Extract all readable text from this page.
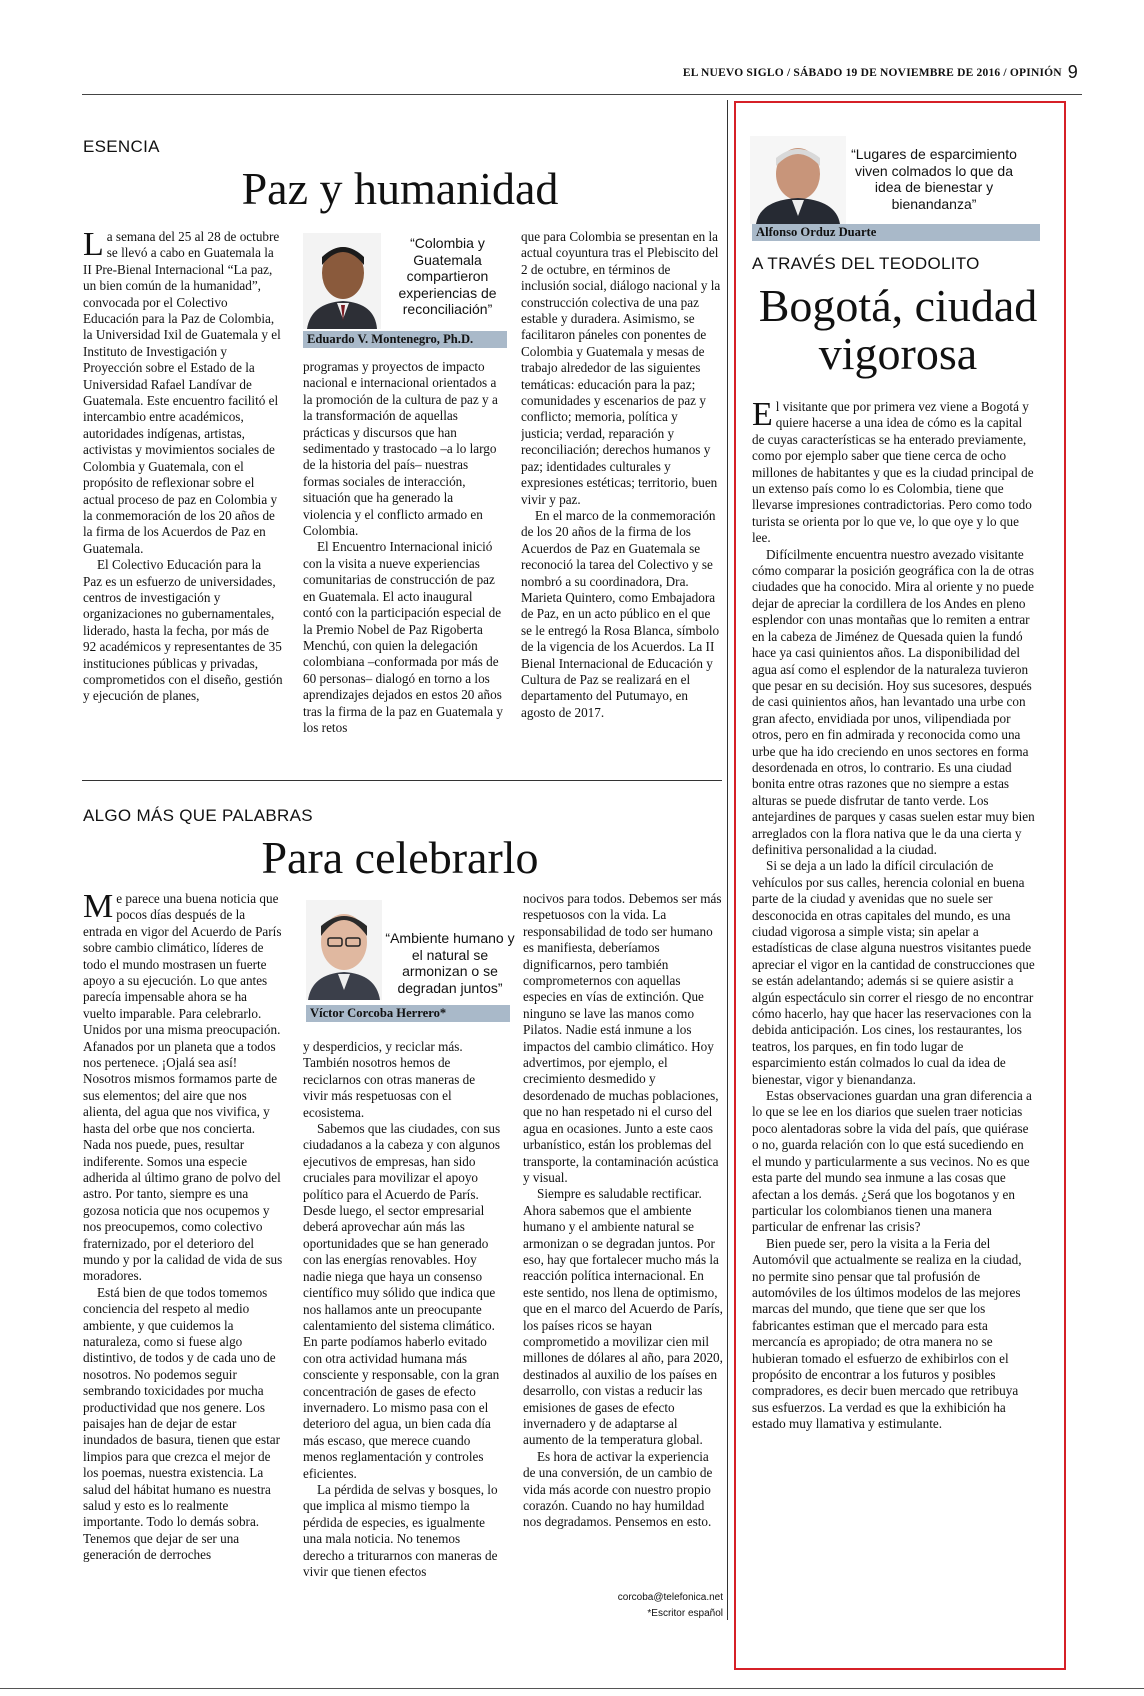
EL NUEVO SIGLO / SÁBADO 19 DE NOVIEMBRE DE 2016 / OPINIÓN 9
ESENCIA
Paz y humanidad

La semana del 25 al 28 de octubre se llevó a cabo en Guatemala la II Pre-Bienal Internacional “La paz, un bien común de la humanidad”, convocada por el Colectivo Educación para la Paz de Colombia, la Universidad Ixil de Guatemala y el Instituto de Investigación y Proyección sobre el Estado de la Universidad Rafael Landívar de Guatemala. Este encuentro facilitó el intercambio entre académicos, autoridades indígenas, artistas, activistas y movimientos sociales de Colombia y Guatemala, con el propósito de reflexionar sobre el actual proceso de paz en Colombia y la conmemoración de los 20 años de la firma de los Acuerdos de Paz en Guatemala.

El Colectivo Educación para la Paz es un esfuerzo de universidades, centros de investigación y organizaciones no gubernamentales, liderado, hasta la fecha, por más de 92 académicos y representantes de 35 instituciones públicas y privadas, comprometidos con el diseño, gestión y ejecución de planes,

“Colombia y Guatemala compartieron experiencias de reconciliación”
Eduardo V. Montenegro, Ph.D.

programas y proyectos de impacto nacional e internacional orientados a la promoción de la cultura de paz y a la transformación de aquellas prácticas y discursos que han sedimentado y trastocado –a lo largo de la historia del país– nuestras formas sociales de interacción, situación que ha generado la violencia y el conflicto armado en Colombia.

El Encuentro Internacional inició con la visita a nueve experiencias comunitarias de construcción de paz en Guatemala. El acto inaugural contó con la participación especial de la Premio Nobel de Paz Rigoberta Menchú, con quien la delegación colombiana –conformada por más de 60 personas– dialogó en torno a los aprendizajes dejados en estos 20 años tras la firma de la paz en Guatemala y los retos

que para Colombia se presentan en la actual coyuntura tras el Plebiscito del 2 de octubre, en términos de inclusión social, diálogo nacional y la construcción colectiva de una paz estable y duradera. Asimismo, se facilitaron páneles con ponentes de Colombia y Guatemala y mesas de trabajo alrededor de las siguientes temáticas: educación para la paz; comunidades y escenarios de paz y conflicto; memoria, política y justicia; verdad, reparación y reconciliación; derechos humanos y paz; identidades culturales y expresiones estéticas; territorio, buen vivir y paz.

En el marco de la conmemoración de los 20 años de la firma de los Acuerdos de Paz en Guatemala se reconoció la tarea del Colectivo y se nombró a su coordinadora, Dra. Marieta Quintero, como Embajadora de Paz, en un acto público en el que se le entregó la Rosa Blanca, símbolo de la vigencia de los Acuerdos. La II Bienal Internacional de Educación y Cultura de Paz se realizará en el departamento del Putumayo, en agosto de 2017.

ALGO MÁS QUE PALABRAS
Para celebrarlo

Me parece una buena noticia que pocos días después de la entrada en vigor del Acuerdo de París sobre cambio climático, líderes de todo el mundo mostrasen un fuerte apoyo a su ejecución. Lo que antes parecía impensable ahora se ha vuelto imparable. Para celebrarlo. Unidos por una misma preocupación. Afanados por un planeta que a todos nos pertenece. ¡Ojalá sea así! Nosotros mismos formamos parte de sus elementos; del aire que nos alienta, del agua que nos vivifica, y hasta del orbe que nos concierta. Nada nos puede, pues, resultar indiferente. Somos una especie adherida al último grano de polvo del astro. Por tanto, siempre es una gozosa noticia que nos ocupemos y nos preocupemos, como colectivo fraternizado, por el deterioro del mundo y por la calidad de vida de sus moradores.

Está bien de que todos tomemos conciencia del respeto al medio ambiente, y que cuidemos la naturaleza, como si fuese algo distintivo, de todos y de cada uno de nosotros. No podemos seguir sembrando toxicidades por mucha productividad que nos genere. Los paisajes han de dejar de estar inundados de basura, tienen que estar limpios para que crezca el mejor de los poemas, nuestra existencia. La salud del hábitat humano es nuestra salud y esto es lo realmente importante. Todo lo demás sobra. Tenemos que dejar de ser una generación de derroches

“Ambiente humano y el natural se armonizan o se degradan juntos”
Víctor Corcoba Herrero*

y desperdicios, y reciclar más. También nosotros hemos de reciclarnos con otras maneras de vivir más respetuosas con el ecosistema.

Sabemos que las ciudades, con sus ciudadanos a la cabeza y con algunos ejecutivos de empresas, han sido cruciales para movilizar el apoyo político para el Acuerdo de París. Desde luego, el sector empresarial deberá aprovechar aún más las oportunidades que se han generado con las energías renovables. Hoy nadie niega que haya un consenso científico muy sólido que indica que nos hallamos ante un preocupante calentamiento del sistema climático. En parte podíamos haberlo evitado con otra actividad humana más consciente y responsable, con la gran concentración de gases de efecto invernadero. Lo mismo pasa con el deterioro del agua, un bien cada día más escaso, que merece cuando menos reglamentación y controles eficientes.

La pérdida de selvas y bosques, lo que implica al mismo tiempo la pérdida de especies, es igualmente una mala noticia. No tenemos derecho a triturarnos con maneras de vivir que tienen efectos

nocivos para todos. Debemos ser más respetuosos con la vida. La responsabilidad de todo ser humano es manifiesta, deberíamos dignificarnos, pero también comprometernos con aquellas especies en vías de extinción. Que ninguno se lave las manos como Pilatos. Nadie está inmune a los impactos del cambio climático. Hoy advertimos, por ejemplo, el crecimiento desmedido y desordenado de muchas poblaciones, que no han respetado ni el curso del agua en ocasiones. Junto a este caos urbanístico, están los problemas del transporte, la contaminación acústica y visual.

Siempre es saludable rectificar. Ahora sabemos que el ambiente humano y el ambiente natural se armonizan o se degradan juntos. Por eso, hay que fortalecer mucho más la reacción política internacional. En este sentido, nos llena de optimismo, que en el marco del Acuerdo de París, los países ricos se hayan comprometido a movilizar cien mil millones de dólares al año, para 2020, destinados al auxilio de los países en desarrollo, con vistas a reducir las emisiones de gases de efecto invernadero y de adaptarse al aumento de la temperatura global.

Es hora de activar la experiencia de una conversión, de un cambio de vida más acorde con nuestro propio corazón. Cuando no hay humildad nos degradamos. Pensemos en esto.

corcoba@telefonica.net
*Escritor español
“Lugares de esparcimiento viven colmados lo que da idea de bienestar y bienandanza”
Alfonso Orduz Duarte
A TRAVÉS DEL TEODOLITO
Bogotá, ciudad vigorosa

El visitante que por primera vez viene a Bogotá y quiere hacerse a una idea de cómo es la capital de cuyas características se ha enterado previamente, como por ejemplo saber que tiene cerca de ocho millones de habitantes y que es la ciudad principal de un extenso país como lo es Colombia, tiene que llevarse impresiones contradictorias. Pero como todo turista se orienta por lo que ve, lo que oye y lo que lee.

Difícilmente encuentra nuestro avezado visitante cómo comparar la posición geográfica con la de otras ciudades que ha conocido. Mira al oriente y no puede dejar de apreciar la cordillera de los Andes en pleno esplendor con unas montañas que lo remiten a entrar en la cabeza de Jiménez de Quesada quien la fundó hace ya casi quinientos años. La disponibilidad del agua así como el esplendor de la naturaleza tuvieron que pesar en su decisión. Hoy sus sucesores, después de casi quinientos años, han levantado una urbe con gran afecto, envidiada por unos, vilipendiada por otros, pero en fin admirada y reconocida como una urbe que ha ido creciendo en unos sectores en forma desordenada en otros, lo contrario. Es una ciudad bonita entre otras razones que no siempre a estas alturas se puede disfrutar de tanto verde. Los antejardines de parques y casas suelen estar muy bien arreglados con la flora nativa que le da una cierta y definitiva personalidad a la ciudad.

Si se deja a un lado la difícil circulación de vehículos por sus calles, herencia colonial en buena parte de la ciudad y avenidas que no suele ser desconocida en otras capitales del mundo, es una ciudad vigorosa a simple vista; sin apelar a estadísticas de clase alguna nuestros visitantes puede apreciar el vigor en la cantidad de construcciones que se están adelantando; además si se quiere asistir a algún espectáculo sin correr el riesgo de no encontrar cómo hacerlo, hay que hacer las reservaciones con la debida anticipación. Los cines, los restaurantes, los teatros, los parques, en fin todo lugar de esparcimiento están colmados lo cual da idea de bienestar, vigor y bienandanza.

Estas observaciones guardan una gran diferencia a lo que se lee en los diarios que suelen traer noticias poco alentadoras sobre la vida del país, que quiérase o no, guarda relación con lo que está sucediendo en el mundo y particularmente a sus vecinos. No es que esta parte del mundo sea inmune a las cosas que afectan a los demás. ¿Será que los bogotanos y en particular los colombianos tienen una manera particular de enfrenar las crisis?

Bien puede ser, pero la visita a la Feria del Automóvil que actualmente se realiza en la ciudad, no permite sino pensar que tal profusión de automóviles de los últimos modelos de las mejores marcas del mundo, que tiene que ser que los fabricantes estiman que el mercado para esta mercancía es apropiado; de otra manera no se hubieran tomado el esfuerzo de exhibirlos con el propósito de encontrar a los futuros y posibles compradores, es decir buen mercado que retribuya sus esfuerzos. La verdad es que la exhibición ha estado muy llamativa y estimulante.
